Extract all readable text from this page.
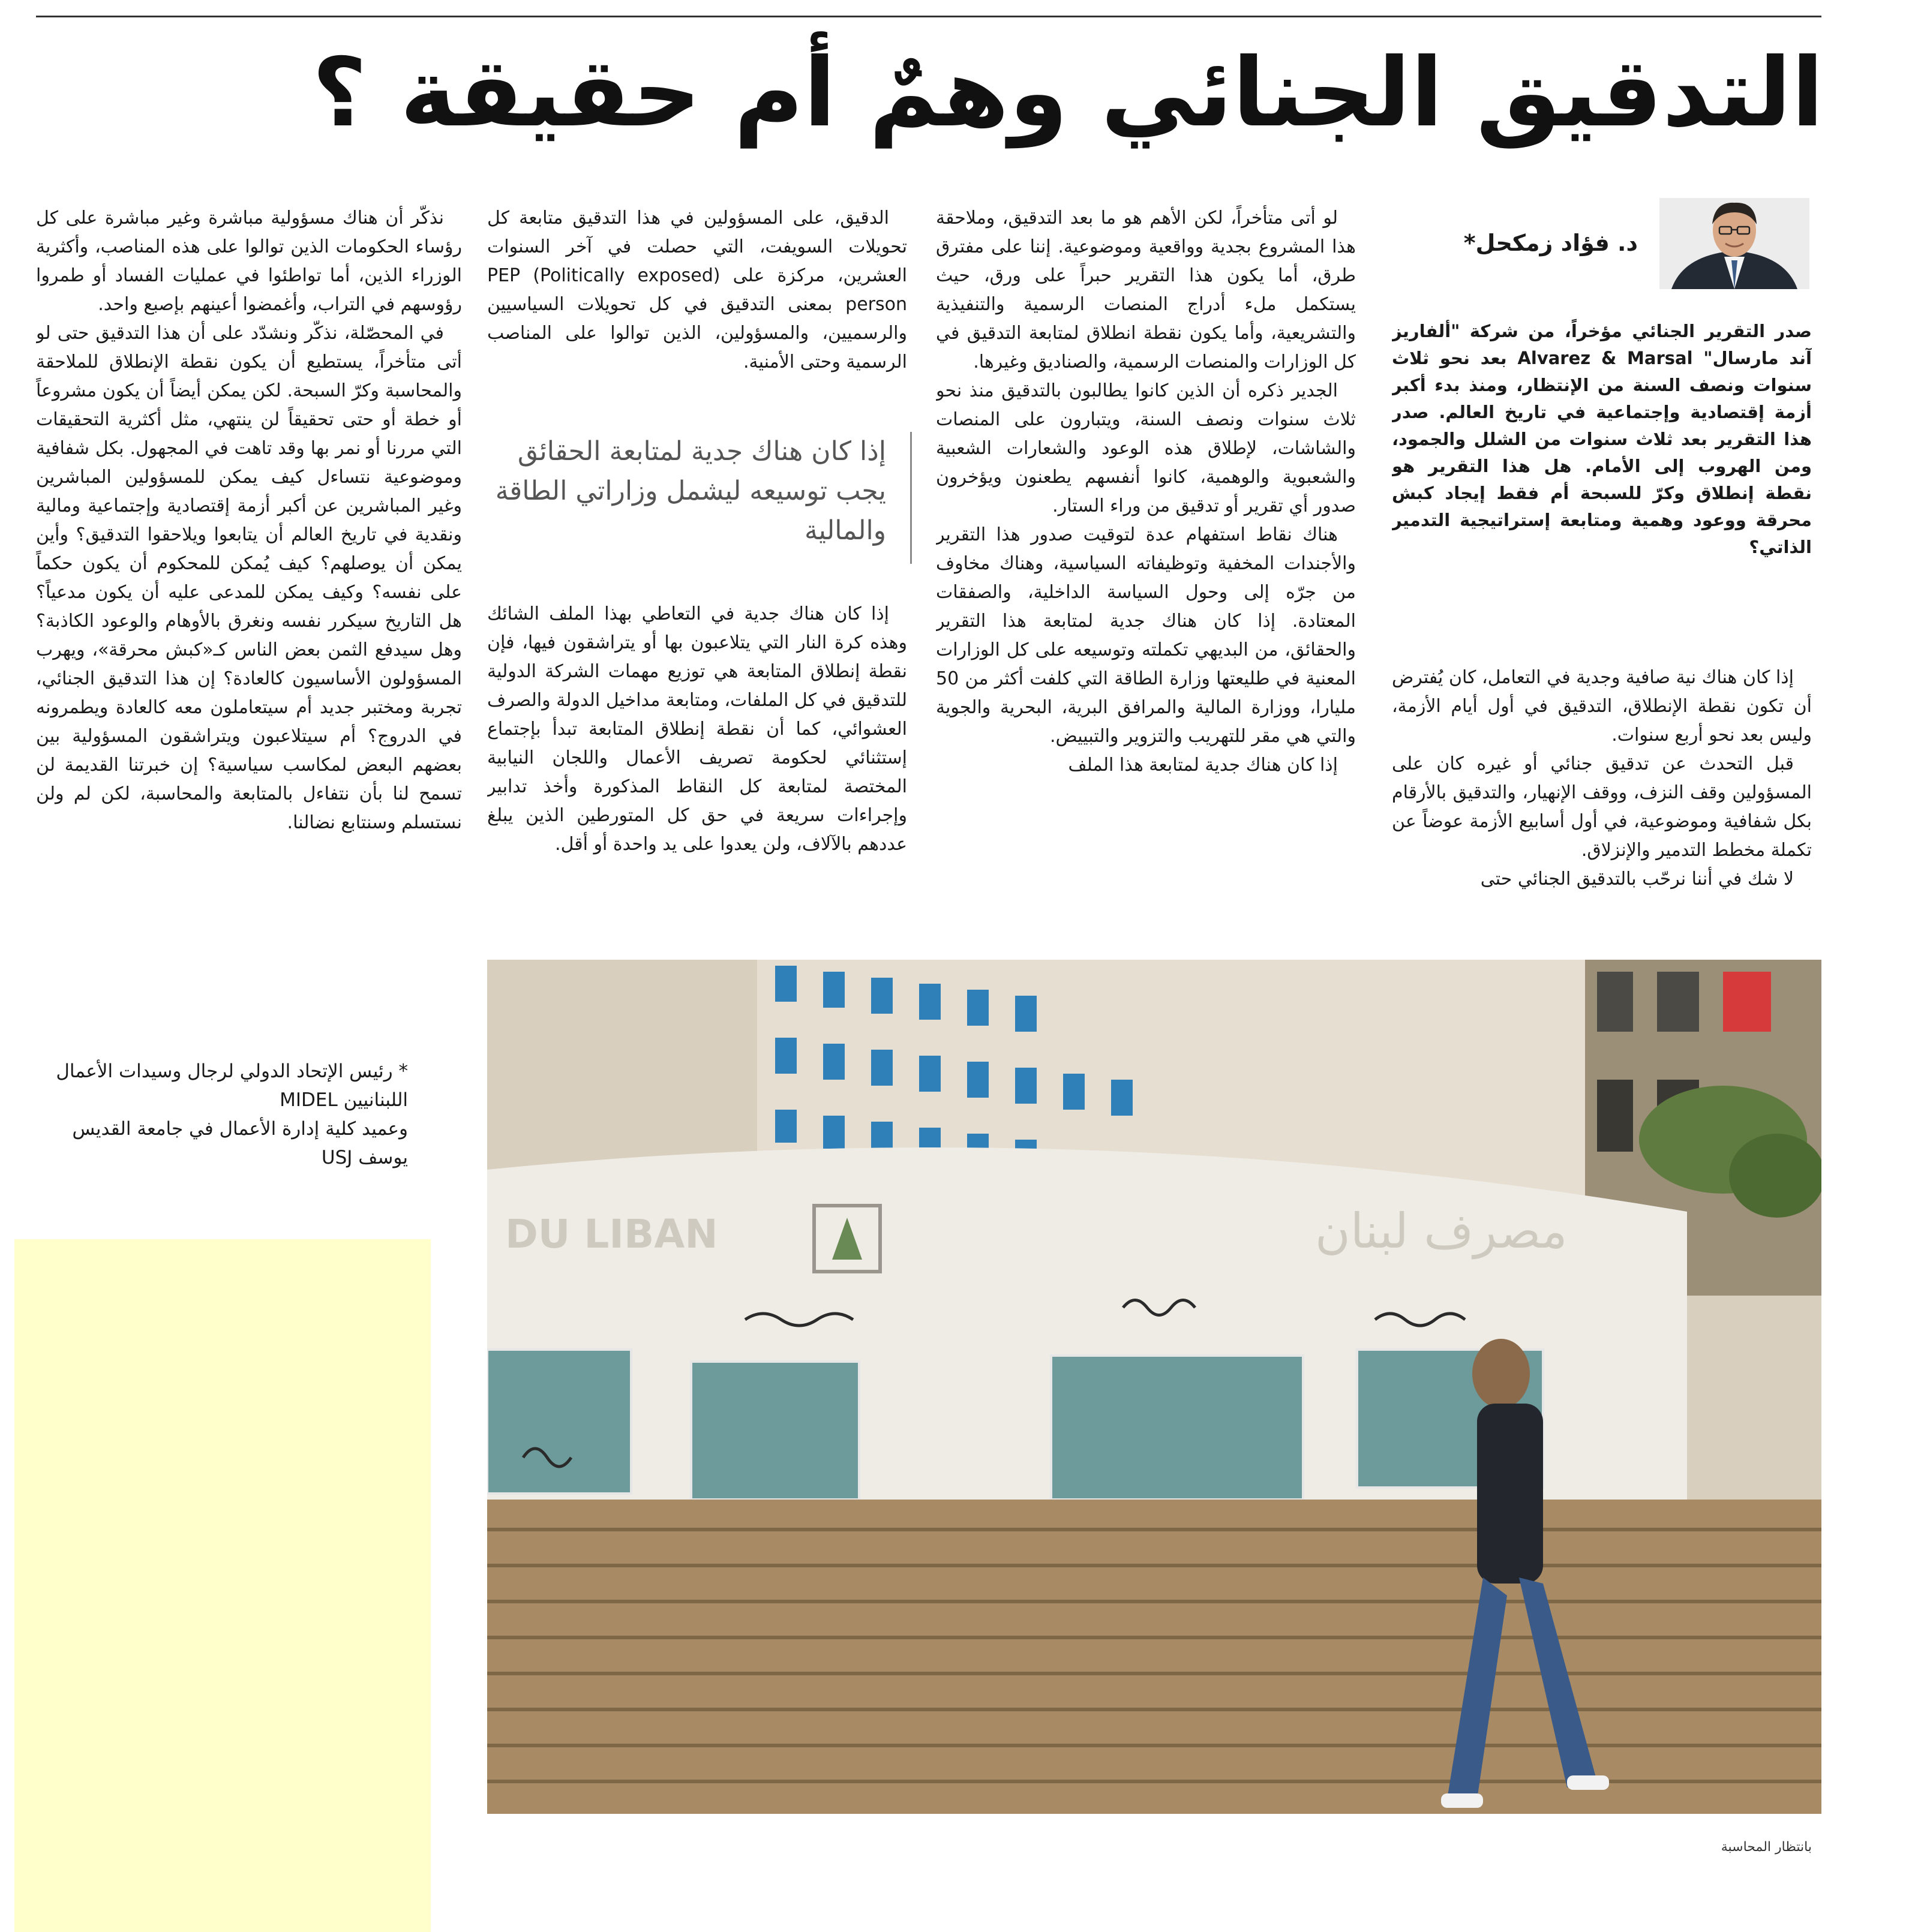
التدقيق الجنائي وهمٌ أم حقيقة ؟
د. فؤاد زمكحل*

صدر التقرير الجنائي مؤخراً، من شركة "ألفاريز آند مارسال" Alvarez & Marsal بعد نحو ثلاث سنوات ونصف السنة من الإنتظار، ومنذ بدء أكبر أزمة إقتصادية وإجتماعية في تاريخ العالم. صدر هذا التقرير بعد ثلاث سنوات من الشلل والجمود، ومن الهروب إلى الأمام. هل هذا التقرير هو نقطة إنطلاق وكرّ للسبحة أم فقط إيجاد كبش محرقة ووعود وهمية ومتابعة إستراتيجية التدمير الذاتي؟

إذا كان هناك نية صافية وجدية في التعامل، كان يُفترض أن تكون نقطة الإنطلاق، التدقيق في أول أيام الأزمة، وليس بعد نحو أربع سنوات.

قبل التحدث عن تدقيق جنائي أو غيره كان على المسؤولين وقف النزف، ووقف الإنهيار، والتدقيق بالأرقام بكل شفافية وموضوعية، في أول أسابيع الأزمة عوضاً عن تكملة مخطط التدمير والإنزلاق.

لا شك في أننا نرحّب بالتدقيق الجنائي حتى

لو أتى متأخراً، لكن الأهم هو ما بعد التدقيق، وملاحقة هذا المشروع بجدية وواقعية وموضوعية. إننا على مفترق طرق، أما يكون هذا التقرير حبراً على ورق، حيث يستكمل ملء أدراج المنصات الرسمية والتنفيذية والتشريعية، وأما يكون نقطة انطلاق لمتابعة التدقيق في كل الوزارات والمنصات الرسمية، والصناديق وغيرها.

الجدير ذكره أن الذين كانوا يطالبون بالتدقيق منذ نحو ثلاث سنوات ونصف السنة، ويتبارون على المنصات والشاشات، لإطلاق هذه الوعود والشعارات الشعبية والشعبوية والوهمية، كانوا أنفسهم يطعنون ويؤخرون صدور أي تقرير أو تدقيق من وراء الستار.

هناك نقاط استفهام عدة لتوقيت صدور هذا التقرير والأجندات المخفية وتوظيفاته السياسية، وهناك مخاوف من جرّه إلى وحول السياسة الداخلية، والصفقات المعتادة. إذا كان هناك جدية لمتابعة هذا التقرير والحقائق، من البديهي تكملته وتوسيعه على كل الوزارات المعنية في طليعتها وزارة الطاقة التي كلفت أكثر من 50 مليارا، ووزارة المالية والمرافق البرية، البحرية والجوية والتي هي مقر للتهريب والتزوير والتبييض.

إذا كان هناك جدية لمتابعة هذا الملف

الدقيق، على المسؤولين في هذا التدقيق متابعة كل تحويلات السويفت، التي حصلت في آخر السنوات العشرين، مركزة على (PEP (Politically exposed person بمعنى التدقيق في كل تحويلات السياسيين والرسميين، والمسؤولين، الذين توالوا على المناصب الرسمية وحتى الأمنية.

إذا كان هناك جدية لمتابعة الحقائق يجب توسيعه ليشمل وزاراتي الطاقة والمالية

إذا كان هناك جدية في التعاطي بهذا الملف الشائك وهذه كرة النار التي يتلاعبون بها أو يتراشقون فيها، فإن نقطة إنطلاق المتابعة هي توزيع مهمات الشركة الدولية للتدقيق في كل الملفات، ومتابعة مداخيل الدولة والصرف العشوائي، كما أن نقطة إنطلاق المتابعة تبدأ بإجتماع إستثنائي لحكومة تصريف الأعمال واللجان النيابية المختصة لمتابعة كل النقاط المذكورة وأخذ تدابير وإجراءات سريعة في حق كل المتورطين الذين يبلغ عددهم بالآلاف، ولن يعدوا على يد واحدة أو أقل.

نذكّر أن هناك مسؤولية مباشرة وغير مباشرة على كل رؤساء الحكومات الذين توالوا على هذه المناصب، وأكثرية الوزراء الذين، أما تواطئوا في عمليات الفساد أو طمروا رؤوسهم في التراب، وأغمضوا أعينهم بإصبع واحد.

في المحصّلة، نذكّر ونشدّد على أن هذا التدقيق حتى لو أتى متأخراً، يستطيع أن يكون نقطة الإنطلاق للملاحقة والمحاسبة وكرّ السبحة. لكن يمكن أيضاً أن يكون مشروعاً أو خطة أو حتى تحقيقاً لن ينتهي، مثل أكثرية التحقيقات التي مررنا أو نمر بها وقد تاهت في المجهول. بكل شفافية وموضوعية نتساءل كيف يمكن للمسؤولين المباشرين وغير المباشرين عن أكبر أزمة إقتصادية وإجتماعية ومالية ونقدية في تاريخ العالم أن يتابعوا ويلاحقوا التدقيق؟ وأين يمكن أن يوصلهم؟ كيف يُمكن للمحكوم أن يكون حكماً على نفسه؟ وكيف يمكن للمدعى عليه أن يكون مدعياً؟ هل التاريخ سيكرر نفسه ونغرق بالأوهام والوعود الكاذبة؟ وهل سيدفع الثمن بعض الناس كـ«كبش محرقة»، ويهرب المسؤولون الأساسيون كالعادة؟ إن هذا التدقيق الجنائي، تجربة ومختبر جديد أم سيتعاملون معه كالعادة ويطمرونه في الدروج؟ أم سيتلاعبون ويتراشقون المسؤولية بين بعضهم البعض لمكاسب سياسية؟ إن خبرتنا القديمة لن تسمح لنا بأن نتفاءل بالمتابعة والمحاسبة، لكن لم ولن نستسلم وسنتابع نضالنا.

* رئيس الإتحاد الدولي لرجال وسيدات الأعمال اللبنانيين MIDEL
وعميد كلية إدارة الأعمال في جامعة القديس يوسف USJ

DU LIBAN	مصرف لبنان

بانتظار المحاسبة
